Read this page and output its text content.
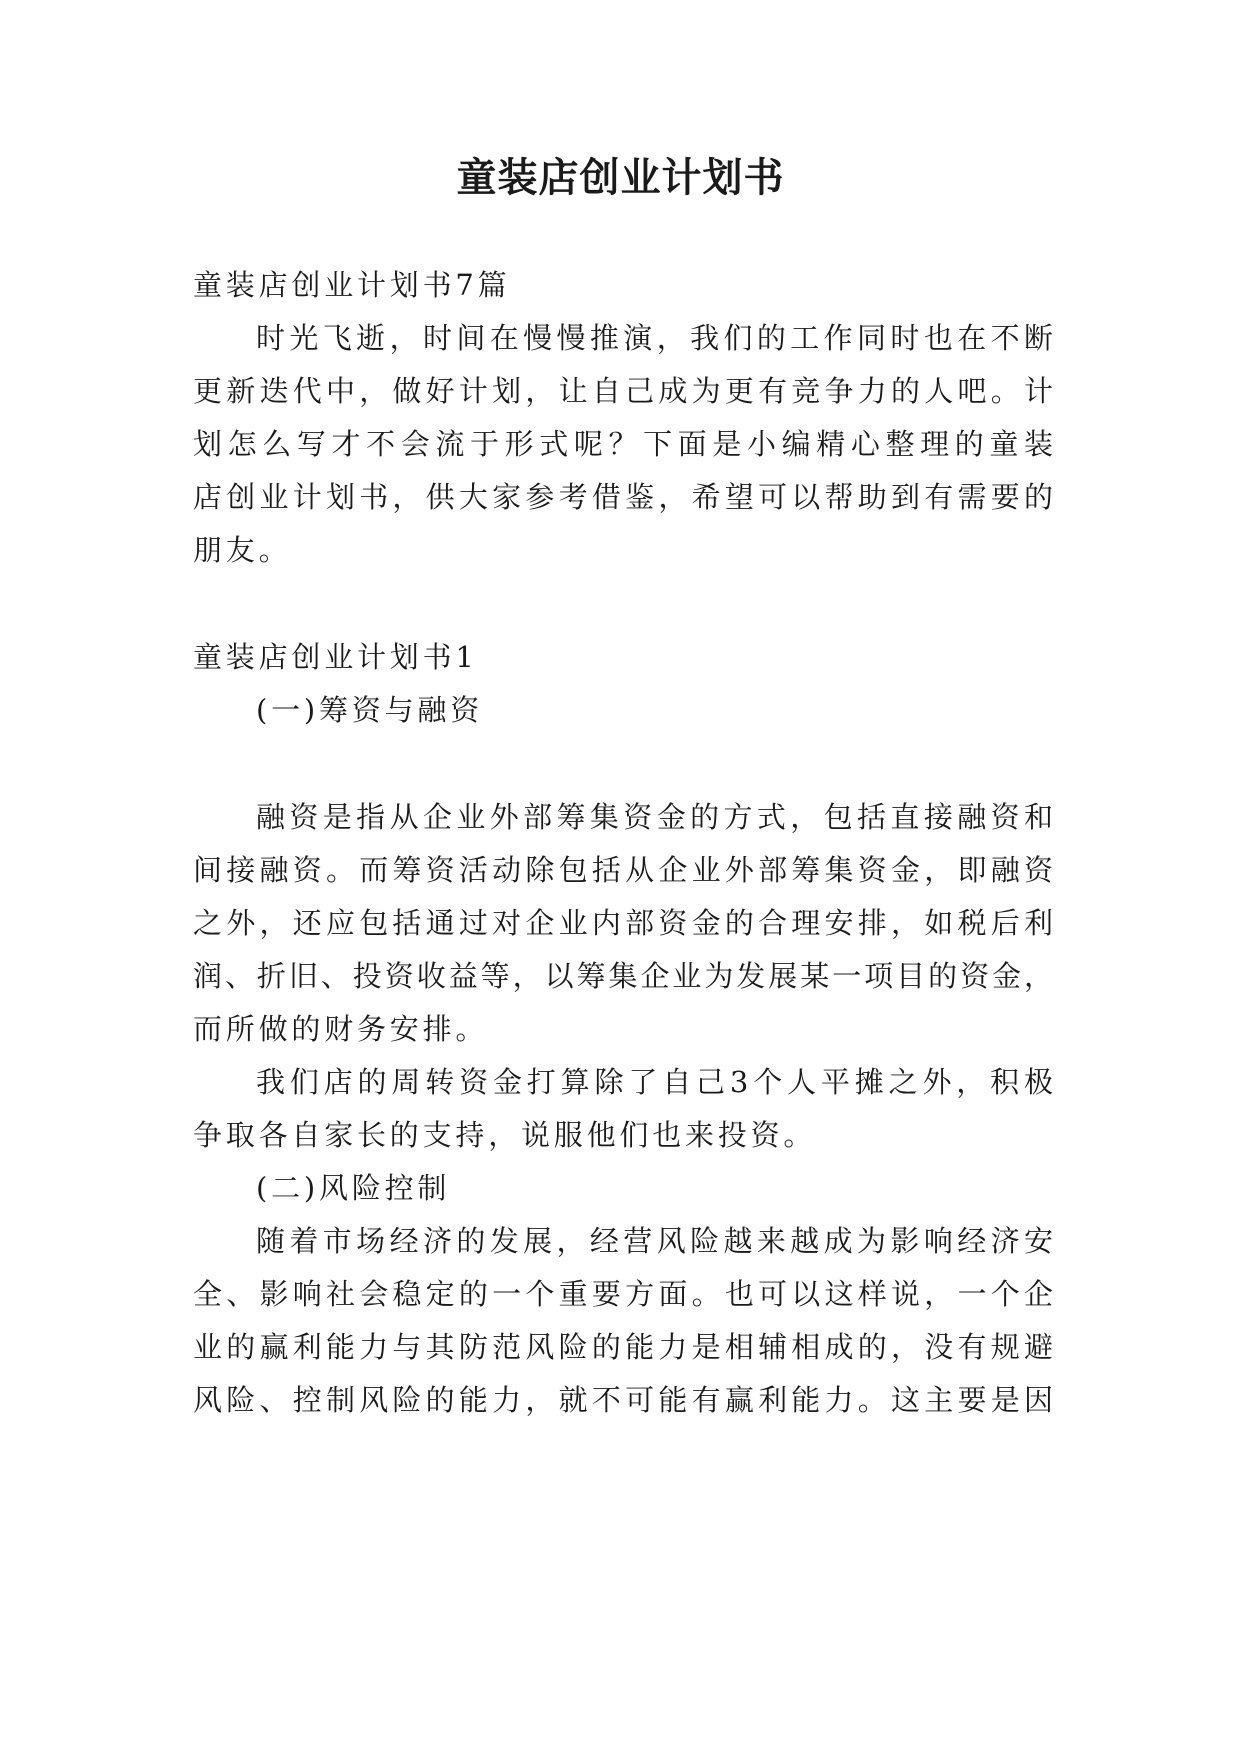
童装店创业计划书
童装店创业计划书7篇
时光飞逝，时间在慢慢推演，我们的工作同时也在不断
更新迭代中，做好计划，让自己成为更有竞争力的人吧。计
划怎么写才不会流于形式呢？下面是小编精心整理的童装
店创业计划书，供大家参考借鉴，希望可以帮助到有需要的
朋友。
童装店创业计划书1
(一)筹资与融资
融资是指从企业外部筹集资金的方式，包括直接融资和
间接融资。而筹资活动除包括从企业外部筹集资金，即融资
之外，还应包括通过对企业内部资金的合理安排，如税后利
润、折旧、投资收益等，以筹集企业为发展某一项目的资金，
而所做的财务安排。
我们店的周转资金打算除了自己3个人平摊之外，积极
争取各自家长的支持，说服他们也来投资。
(二)风险控制
随着市场经济的发展，经营风险越来越成为影响经济安
全、影响社会稳定的一个重要方面。也可以这样说，一个企
业的赢利能力与其防范风险的能力是相辅相成的，没有规避
风险、控制风险的能力，就不可能有赢利能力。这主要是因
